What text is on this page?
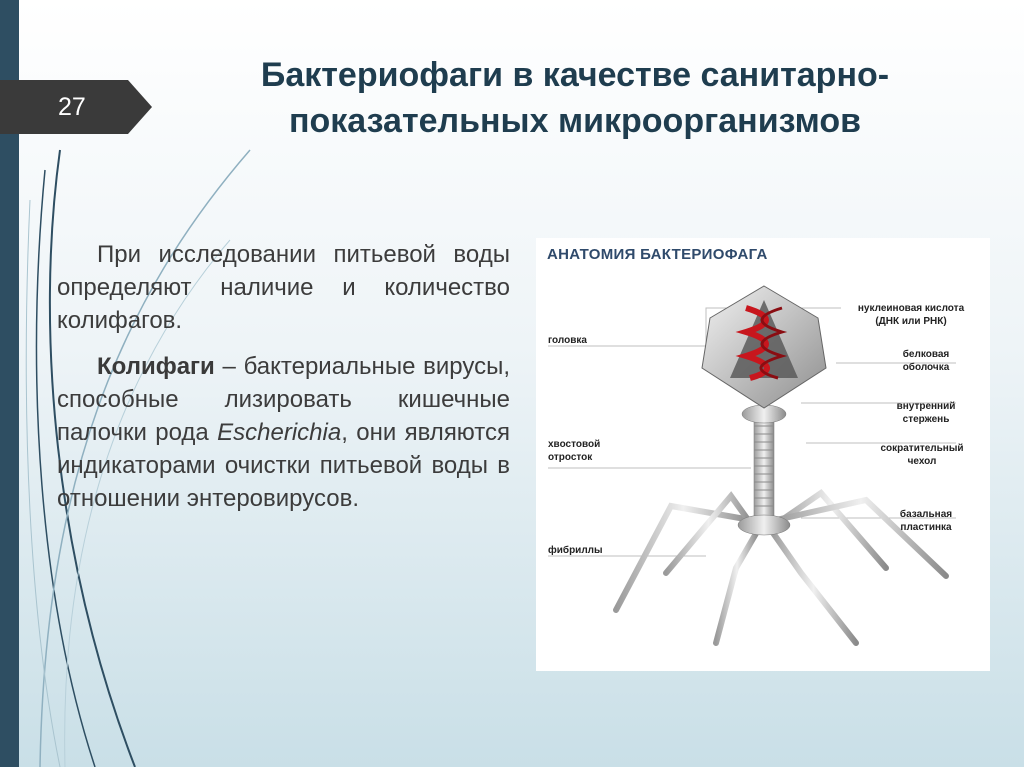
27
Бактериофаги в качестве санитарно-
показательных микроорганизмов

При исследовании питьевой воды определяют наличие и количество колифагов.

Колифаги – бактериальные вирусы, способные лизировать кишечные палочки рода Escherichia, они являются индикаторами очистки питьевой воды в отношении энтеровирусов.

АНАТОМИЯ БАКТЕРИОФАГА
головка
хвостовой
отросток
фибриллы
нуклеиновая кислота
(ДНК или РНК)
белковая
оболочка
внутренний
стержень
сократительный
чехол
базальная
пластинка
